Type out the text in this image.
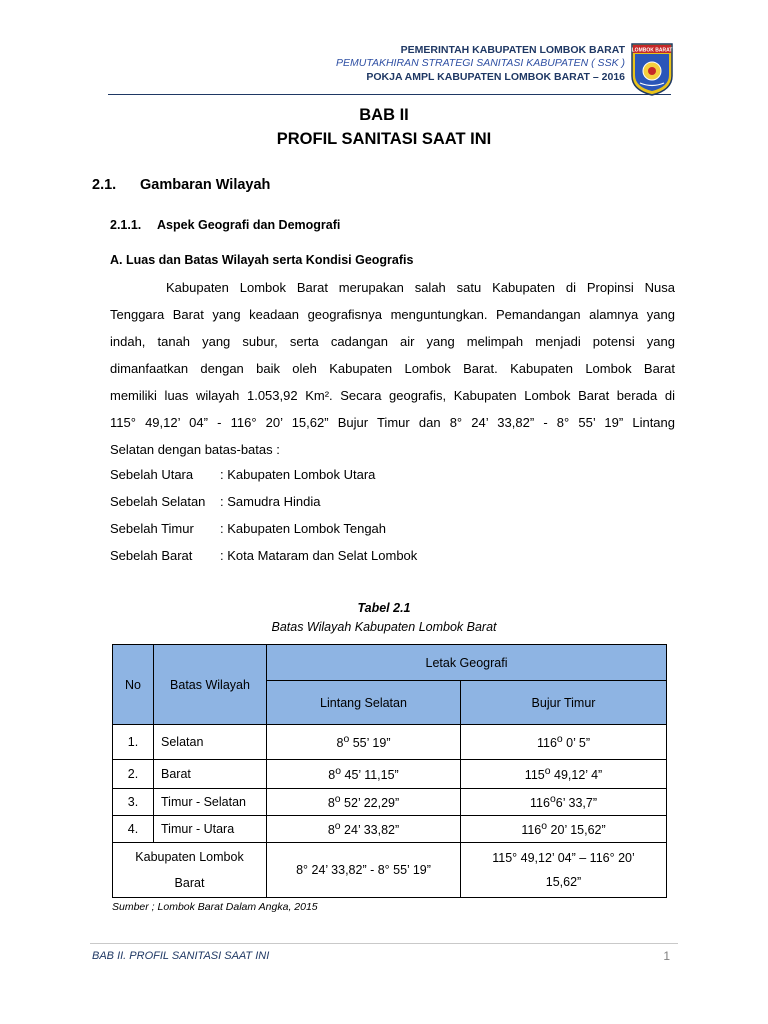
PEMERINTAH KABUPATEN LOMBOK BARAT
PEMUTAKHIRAN STRATEGI SANITASI KABUPATEN ( SSK )
POKJA AMPL KABUPATEN LOMBOK BARAT – 2016
LOMBOK BARAT
BAB II
PROFIL SANITASI SAAT INI
2.1. Gambaran Wilayah
2.1.1. Aspek Geografi dan Demografi
A. Luas dan Batas Wilayah serta Kondisi Geografis
Kabupaten Lombok Barat merupakan salah satu Kabupaten di Propinsi Nusa
Tenggara Barat yang keadaan geografisnya menguntungkan. Pemandangan alamnya yang
indah, tanah yang subur, serta cadangan air yang melimpah menjadi potensi yang
dimanfaatkan dengan baik oleh Kabupaten Lombok Barat. Kabupaten Lombok Barat
memiliki luas wilayah 1.053,92 Km². Secara geografis, Kabupaten Lombok Barat berada di
115° 49,12’ 04” - 116° 20’ 15,62” Bujur Timur dan 8° 24’ 33,82” - 8° 55’ 19” Lintang
Selatan dengan batas-batas :
Sebelah Utara : Kabupaten Lombok Utara
Sebelah Selatan : Samudra Hindia
Sebelah Timur : Kabupaten Lombok Tengah
Sebelah Barat : Kota Mataram dan Selat Lombok
Tabel 2.1
Batas Wilayah Kabupaten Lombok Barat
No	Batas Wilayah	Letak Geografi	
		Lintang Selatan	Bujur Timur
1.	Selatan	8$^o$ 55’ 19”	116$^o$ 0’ 5”
2.	Barat	8$^o$ 45’ 11,15”	115$^o$ 49,12’ 4”
3.	Timur - Selatan	8$^o$ 52’ 22,29”	116$^o$6’ 33,7”
4.	Timur - Utara	8$^o$ 24’ 33,82”	116$^o$ 20’ 15,62”
Kabupaten Lombok
Barat		8° 24’ 33,82” - 8° 55’ 19”	115° 49,12’ 04” – 116° 20’
15,62”
Sumber ; Lombok Barat Dalam Angka, 2015
BAB II. PROFIL SANITASI SAAT INI	1
